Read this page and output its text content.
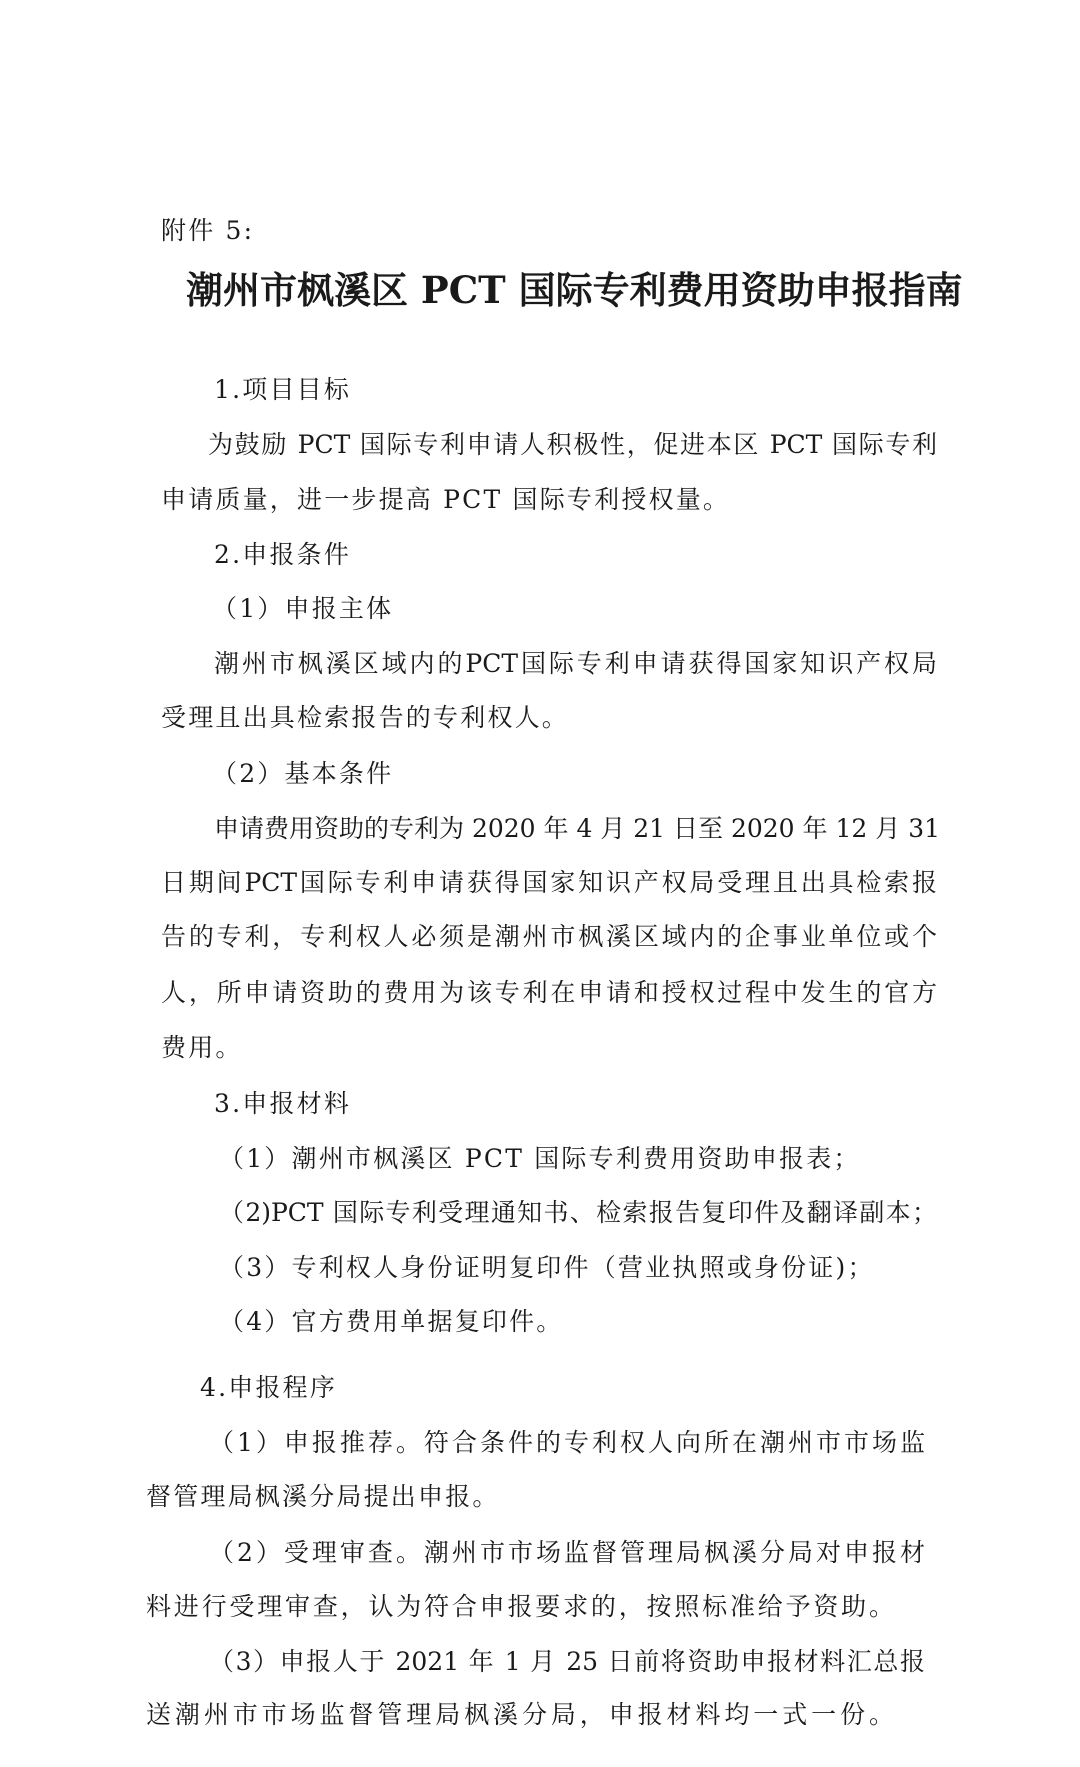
附件 5:
潮州市枫溪区 PCT 国际专利费用资助申报指南
1.项目目标
为鼓励 PCT 国际专利申请人积极性，促进本区 PCT 国际专利
申请质量，进一步提高 PCT 国际专利授权量。
2.申报条件
（1）申报主体
潮州市枫溪区域内的PCT国际专利申请获得国家知识产权局
受理且出具检索报告的专利权人。
（2）基本条件
申请费用资助的专利为 2020 年 4 月 21 日至 2020 年 12 月 31
日期间PCT国际专利申请获得国家知识产权局受理且出具检索报
告的专利，专利权人必须是潮州市枫溪区域内的企事业单位或个
人，所申请资助的费用为该专利在申请和授权过程中发生的官方
费用。
3.申报材料
（1）潮州市枫溪区 PCT 国际专利费用资助申报表；
（2)PCT 国际专利受理通知书、检索报告复印件及翻译副本；
（3）专利权人身份证明复印件（营业执照或身份证)；
（4）官方费用单据复印件。
4.申报程序
（1）申报推荐。符合条件的专利权人向所在潮州市市场监
督管理局枫溪分局提出申报。
（2）受理审查。潮州市市场监督管理局枫溪分局对申报材
料进行受理审查，认为符合申报要求的，按照标准给予资助。
（3）申报人于 2021 年 1 月 25 日前将资助申报材料汇总报
送潮州市市场监督管理局枫溪分局，申报材料均一式一份。
